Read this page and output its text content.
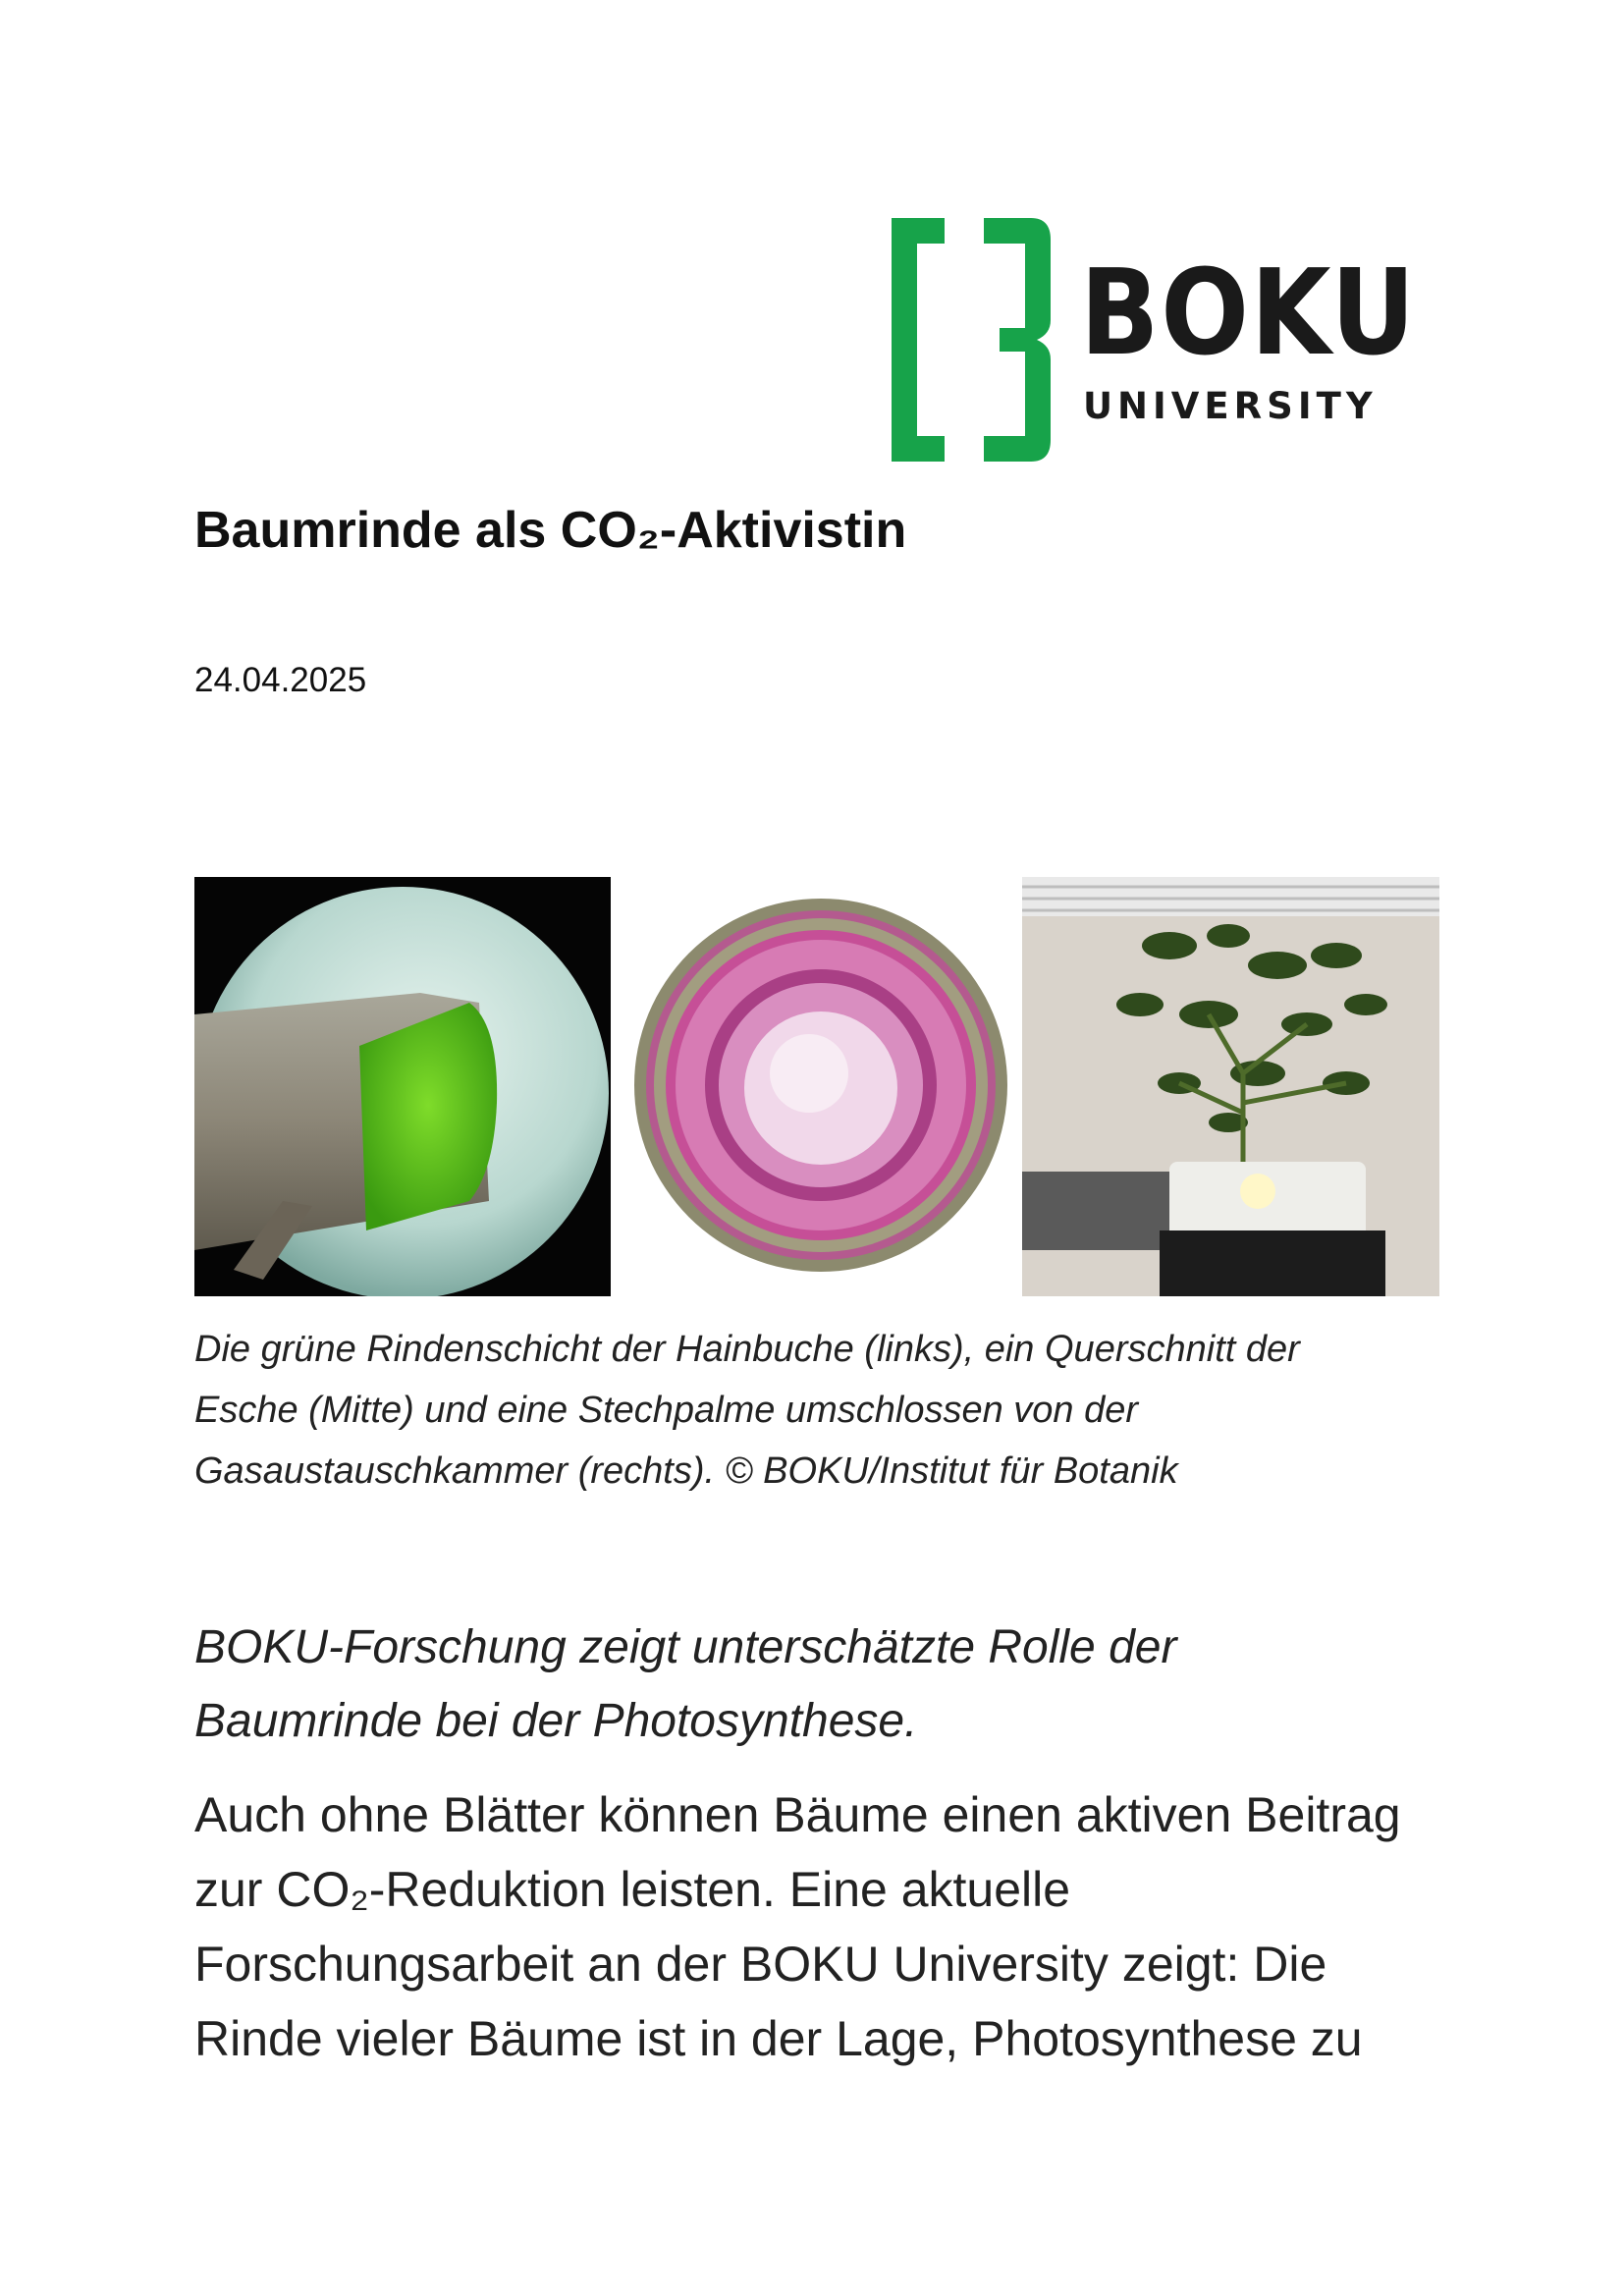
BOKU
UNIVERSITY
Baumrinde als CO₂-Aktivistin
24.04.2025
Die grüne Rindenschicht der Hainbuche (links), ein Querschnitt der
Esche (Mitte) und eine Stechpalme umschlossen von der
Gasaustauschkammer (rechts). © BOKU/Institut für Botanik
BOKU-Forschung zeigt unterschätzte Rolle der
Baumrinde bei der Photosynthese.
Auch ohne Blätter können Bäume einen aktiven Beitrag
zur CO₂-Reduktion leisten. Eine aktuelle
Forschungsarbeit an der BOKU University zeigt: Die
Rinde vieler Bäume ist in der Lage, Photosynthese zu
